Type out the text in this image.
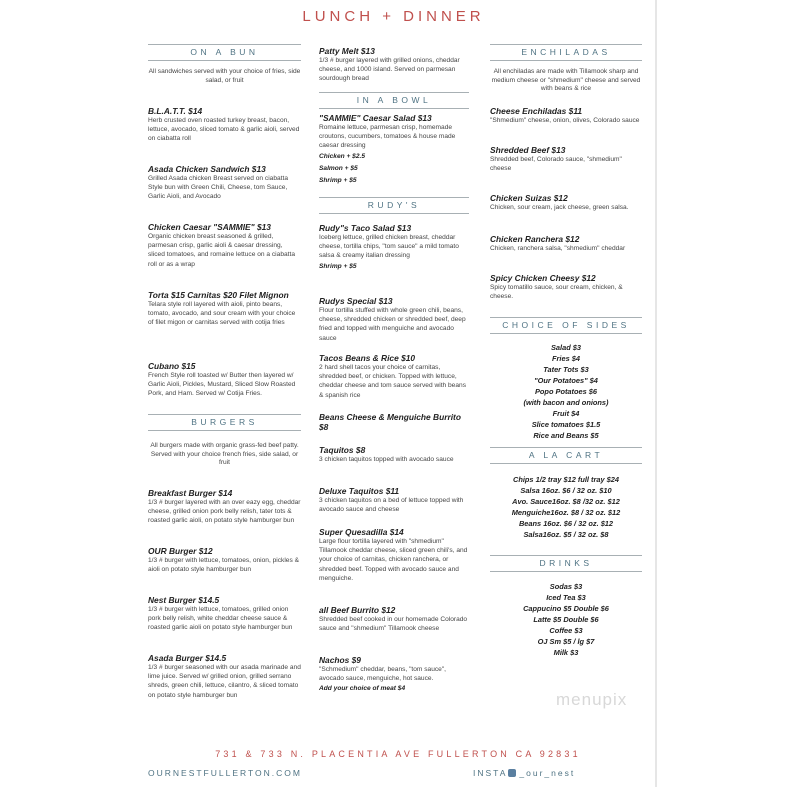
LUNCH + DINNER
ON A BUN
All sandwiches served with your choice of fries, side salad, or fruit
B.L.A.T.T. $14
Herb crusted oven roasted turkey breast, bacon, lettuce, avocado, sliced tomato & garlic aioli, served on ciabatta roll
Asada Chicken Sandwich $13
Grilled Asada chicken Breast served on ciabatta Style bun with Green Chili, Cheese, tom Sauce, Garlic Aioli, and Avocado
Chicken Caesar "SAMMIE" $13
Organic chicken breast seasoned & grilled, parmesan crisp, garlic aioli & caesar dressing, sliced tomatoes, and romaine lettuce on a ciabatta roll or as a wrap
Torta $15 Carnitas $20 Filet Mignon
Telara style roll layered with aioli, pinto beans, tomato, avocado, and sour cream with your choice of filet migon or carnitas served with cotija fries
Cubano $15
French Style roll toasted w/ Butter then layered w/ Garlic Aioli, Pickles, Mustard, Sliced Slow Roasted Pork, and Ham. Served w/ Cotija Fries.
BURGERS
All burgers made with organic grass-fed beef patty. Served with your choice french fries, side salad, or fruit
Breakfast Burger $14
1/3 # burger layered with an over eazy egg, cheddar cheese, grilled onion pork belly relish, tater tots & roasted garlic aioli, on potato style hamburger bun
OUR Burger $12
1/3 # burger with lettuce, tomatoes, onion, pickles & aioli on potato style hamburger bun
Nest Burger $14.5
1/3 # burger with lettuce, tomatoes, grilled onion pork belly relish, white cheddar cheese sauce & roasted garlic aioli on potato style hamburger bun
Asada Burger $14.5
1/3 # burger seasoned with our asada marinade and lime juice. Served w/ grilled onion, grilled serrano shreds, green chili, lettuce, cilantro, & sliced tomato on potato style hamburger bun
Patty Melt $13
1/3 # burger layered with grilled onions, cheddar cheese, and 1000 island. Served on parmesan sourdough bread
IN A BOWL
"SAMMIE" Caesar Salad $13
Romaine lettuce, parmesan crisp, homemade croutons, cucumbers, tomatoes & house made caesar dressing
Chicken + $2.5
Salmon + $5
Shrimp + $5
RUDY'S
Rudy"s Taco Salad $13
Iceberg lettuce, grilled chicken breast, cheddar cheese, tortilla chips, "tom sauce" a mild tomato salsa & creamy italian dressing
Shrimp + $5
Rudys Special $13
Flour tortilla stuffed with whole green chili, beans, cheese, shredded chicken or shredded beef, deep fried and topped with menguiche and avocado sauce
Tacos Beans & Rice $10
2 hard shell tacos your choice of carnitas, shredded beef, or chicken. Topped with lettuce, cheddar cheese and tom sauce served with beans & spanish rice
Beans Cheese & Menguiche Burrito $8
Taquitos $8
3 chicken taquitos topped with avocado sauce
Deluxe Taquitos $11
3 chicken taquitos on a bed of lettuce topped with avocado sauce and cheese
Super Quesadilla $14
Large flour tortilla layered with "shmedium" Tillamook cheddar cheese, sliced green chili's, and your choice of carnitas, chicken ranchera, or shredded beef. Topped with avocado sauce and menguiche.
all Beef Burrito $12
Shredded beef cooked in our homemade Colorado sauce and "shmedium" Tillamook cheese
Nachos $9
"Schmedium" cheddar, beans, "tom sauce", avocado sauce, menguiche, hot sauce.
Add your choice of meat $4
ENCHILADAS
All enchiladas are made with Tillamook sharp and medium cheese or "shmedium" cheese and served with beans & rice
Cheese Enchiladas $11
"Shmedium" cheese, onion, olives, Colorado sauce
Shredded Beef $13
Shredded beef, Colorado sauce, "shmedium" cheese
Chicken Suizas $12
Chicken, sour cream, jack cheese, green salsa.
Chicken Ranchera $12
Chicken, ranchera salsa, "shmedium" cheddar
Spicy Chicken Cheesy $12
Spicy tomatillo sauce, sour cream, chicken, & cheese.
CHOICE OF SIDES
Salad $3
Fries $4
Tater Tots $3
"Our Potatoes" $4
Popo Potatoes $6
(with bacon and onions)
Fruit $4
Slice tomatoes $1.5
Rice and Beans $5
A LA CART
Chips 1/2 tray $12 full tray $24
Salsa 16oz. $6 / 32 oz. $10
Avo. Sauce16oz. $8 /32 oz. $12
Menguiche16oz. $8 / 32 oz. $12
Beans 16oz. $6 / 32 oz. $12
Salsa16oz. $5 / 32 oz. $8
DRINKS
Sodas $3
Iced Tea $3
Cappucino $5 Double $6
Latte $5 Double $6
Coffee $3
OJ Sm $5 / lg $7
Milk $3
731 & 733 N. PLACENTIA AVE FULLERTON CA 92831
OURNESTFULLERTON.COM	INSTA _our_nest
menupix
